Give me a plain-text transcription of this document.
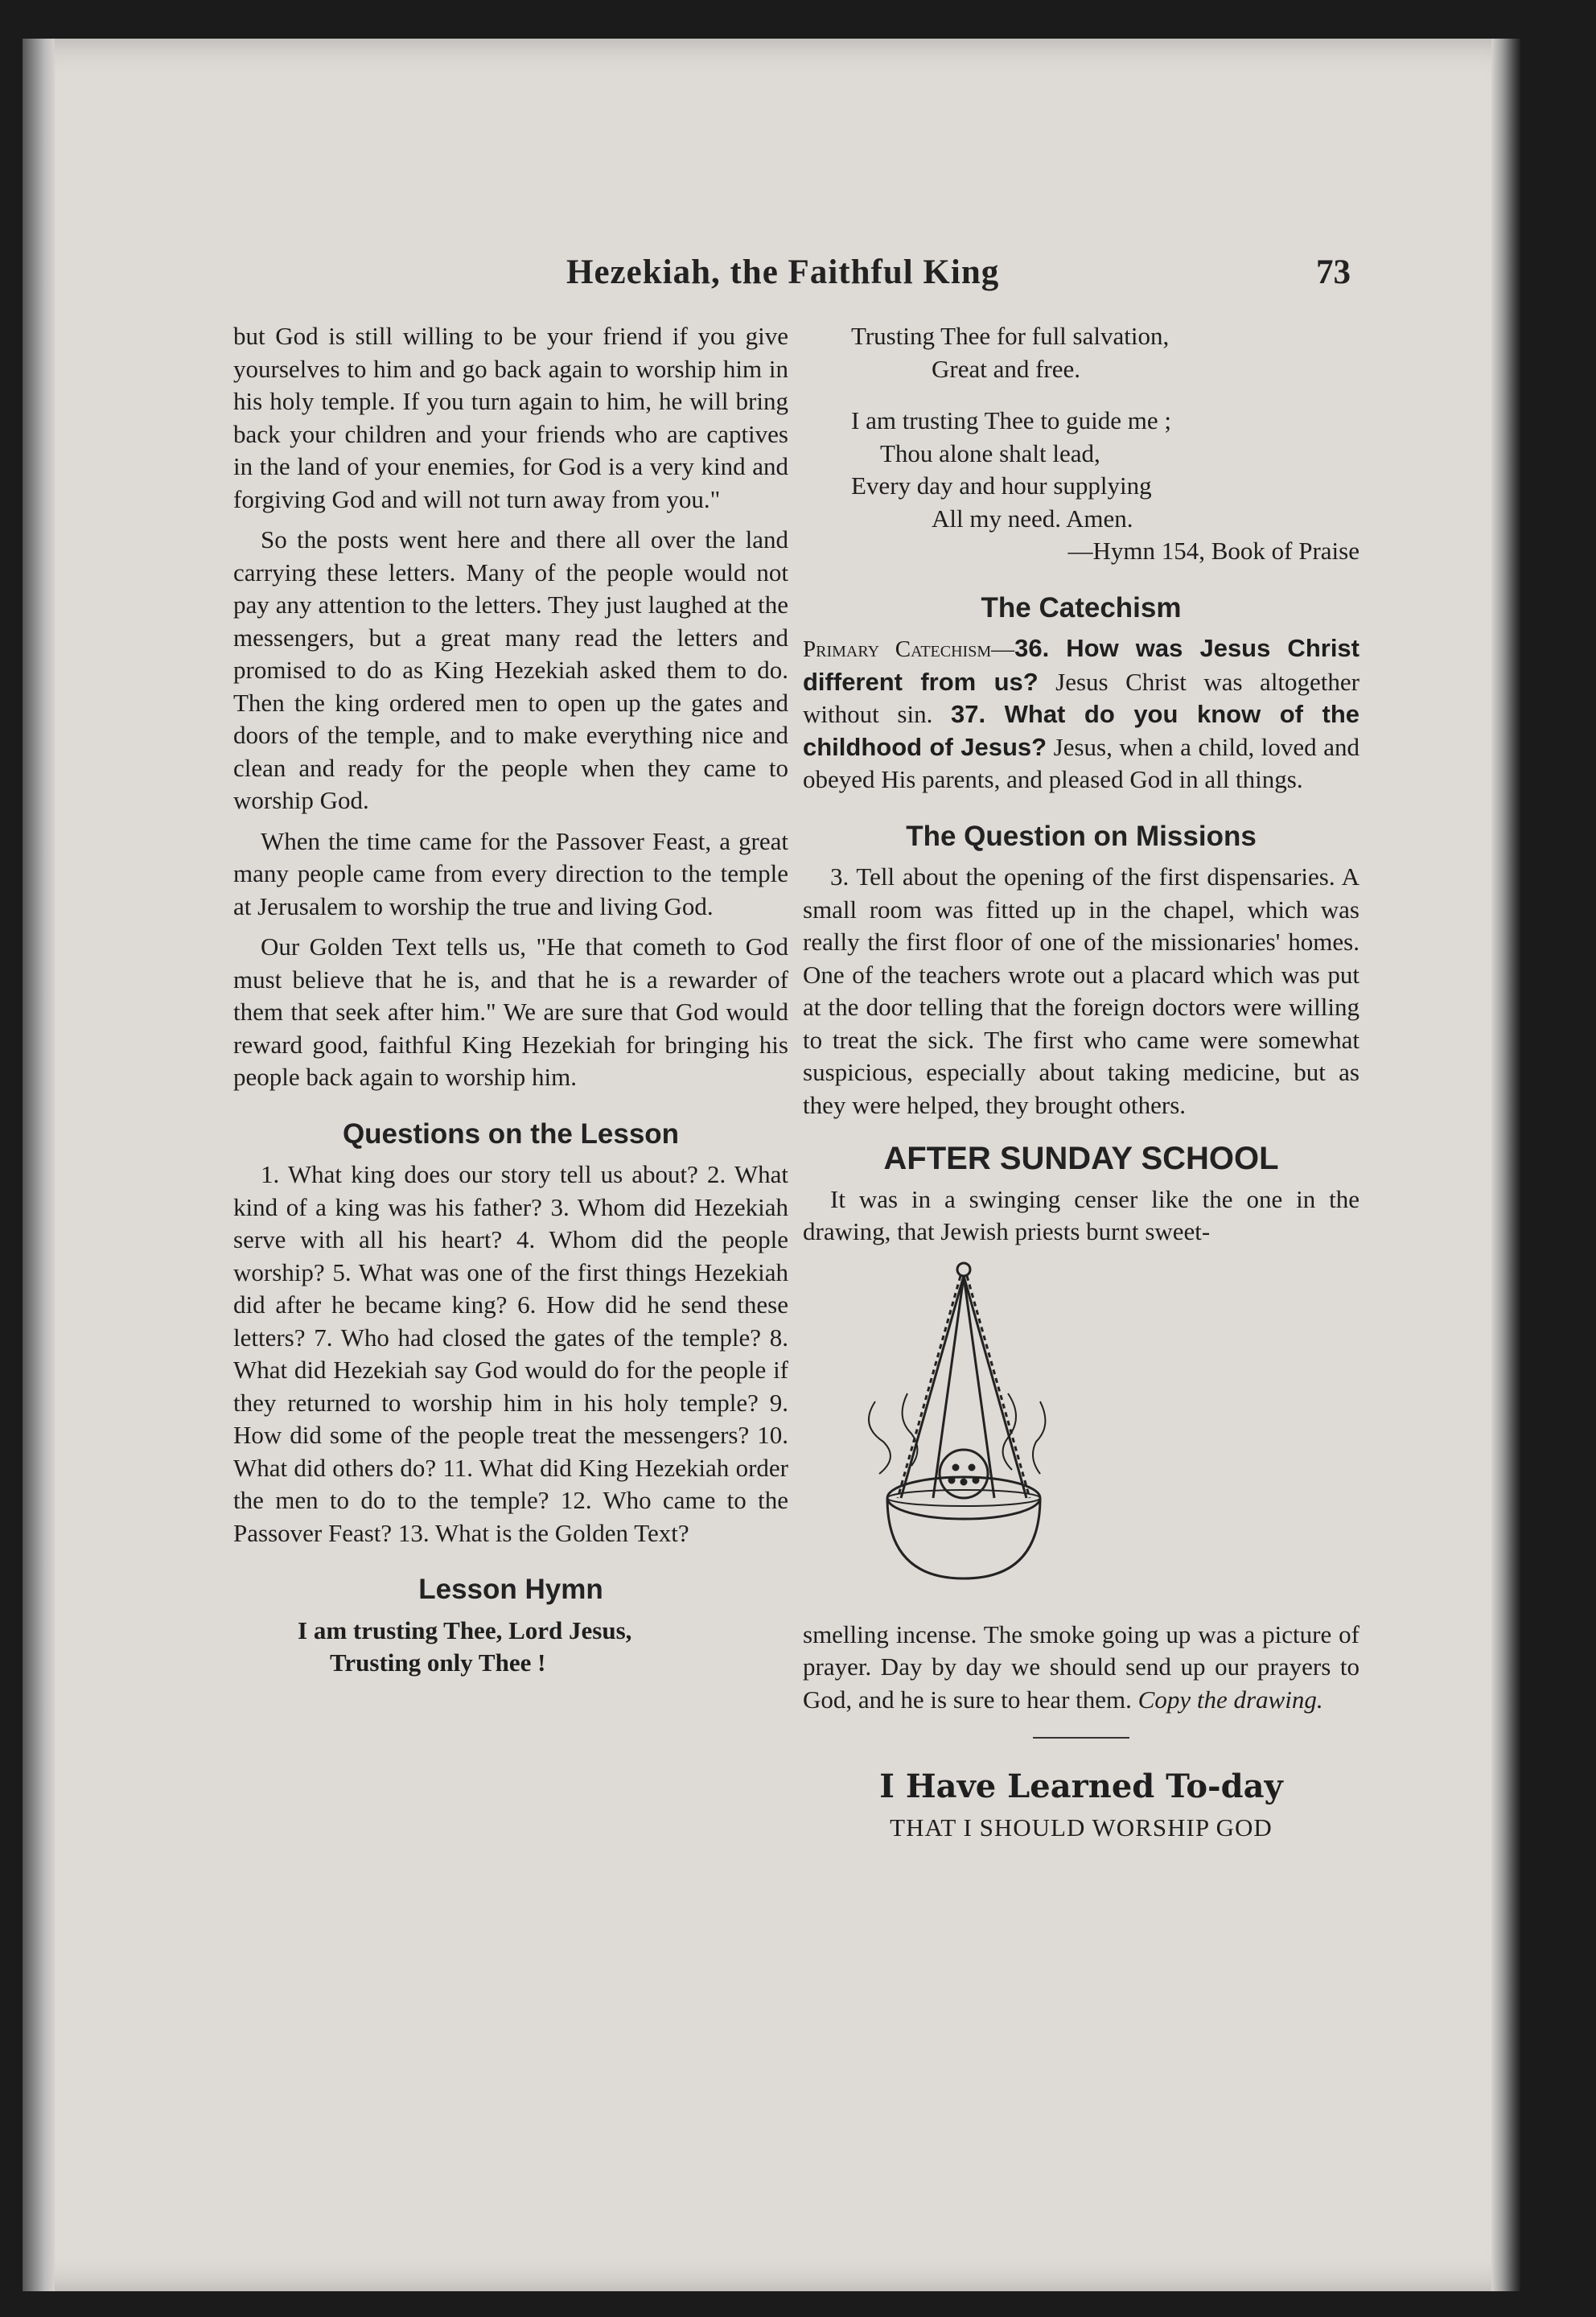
Hezekiah, the Faithful King	73

but God is still willing to be your friend if you give yourselves to him and go back again to worship him in his holy temple. If you turn again to him, he will bring back your children and your friends who are captives in the land of your enemies, for God is a very kind and forgiving God and will not turn away from you."

So the posts went here and there all over the land carrying these letters. Many of the people would not pay any attention to the letters. They just laughed at the messengers, but a great many read the letters and promised to do as King Hezekiah asked them to do. Then the king ordered men to open up the gates and doors of the temple, and to make everything nice and clean and ready for the people when they came to worship God.

When the time came for the Passover Feast, a great many people came from every direction to the temple at Jerusalem to worship the true and living God.

Our Golden Text tells us, "He that cometh to God must believe that he is, and that he is a rewarder of them that seek after him." We are sure that God would reward good, faithful King Hezekiah for bringing his people back again to worship him.

Questions on the Lesson

1. What king does our story tell us about? 2. What kind of a king was his father? 3. Whom did Hezekiah serve with all his heart? 4. Whom did the people worship? 5. What was one of the first things Hezekiah did after he became king? 6. How did he send these letters? 7. Who had closed the gates of the temple? 8. What did Hezekiah say God would do for the people if they returned to worship him in his holy temple? 9. How did some of the people treat the messengers? 10. What did others do? 11. What did King Hezekiah order the men to do to the temple? 12. Who came to the Passover Feast? 13. What is the Golden Text?

Lesson Hymn
I am trusting Thee, Lord Jesus,
Trusting only Thee !
Trusting Thee for full salvation,
Great and free.
I am trusting Thee to guide me ;
Thou alone shalt lead,
Every day and hour supplying
All my need. Amen.
—Hymn 154, Book of Praise
The Catechism

Primary Catechism—36. How was Jesus Christ different from us? Jesus Christ was altogether without sin. 37. What do you know of the childhood of Jesus? Jesus, when a child, loved and obeyed His parents, and pleased God in all things.

The Question on Missions

3. Tell about the opening of the first dispensaries. A small room was fitted up in the chapel, which was really the first floor of one of the missionaries' homes. One of the teachers wrote out a placard which was put at the door telling that the foreign doctors were willing to treat the sick. The first who came were somewhat suspicious, especially about taking medicine, but as they were helped, they brought others.

AFTER SUNDAY SCHOOL

It was in a swinging censer like the one in the drawing, that Jewish priests burnt sweet-

smelling incense. The smoke going up was a picture of prayer. Day by day we should send up our prayers to God, and he is sure to hear them. Copy the drawing.

I Have Learned To-day
THAT I SHOULD WORSHIP GOD
